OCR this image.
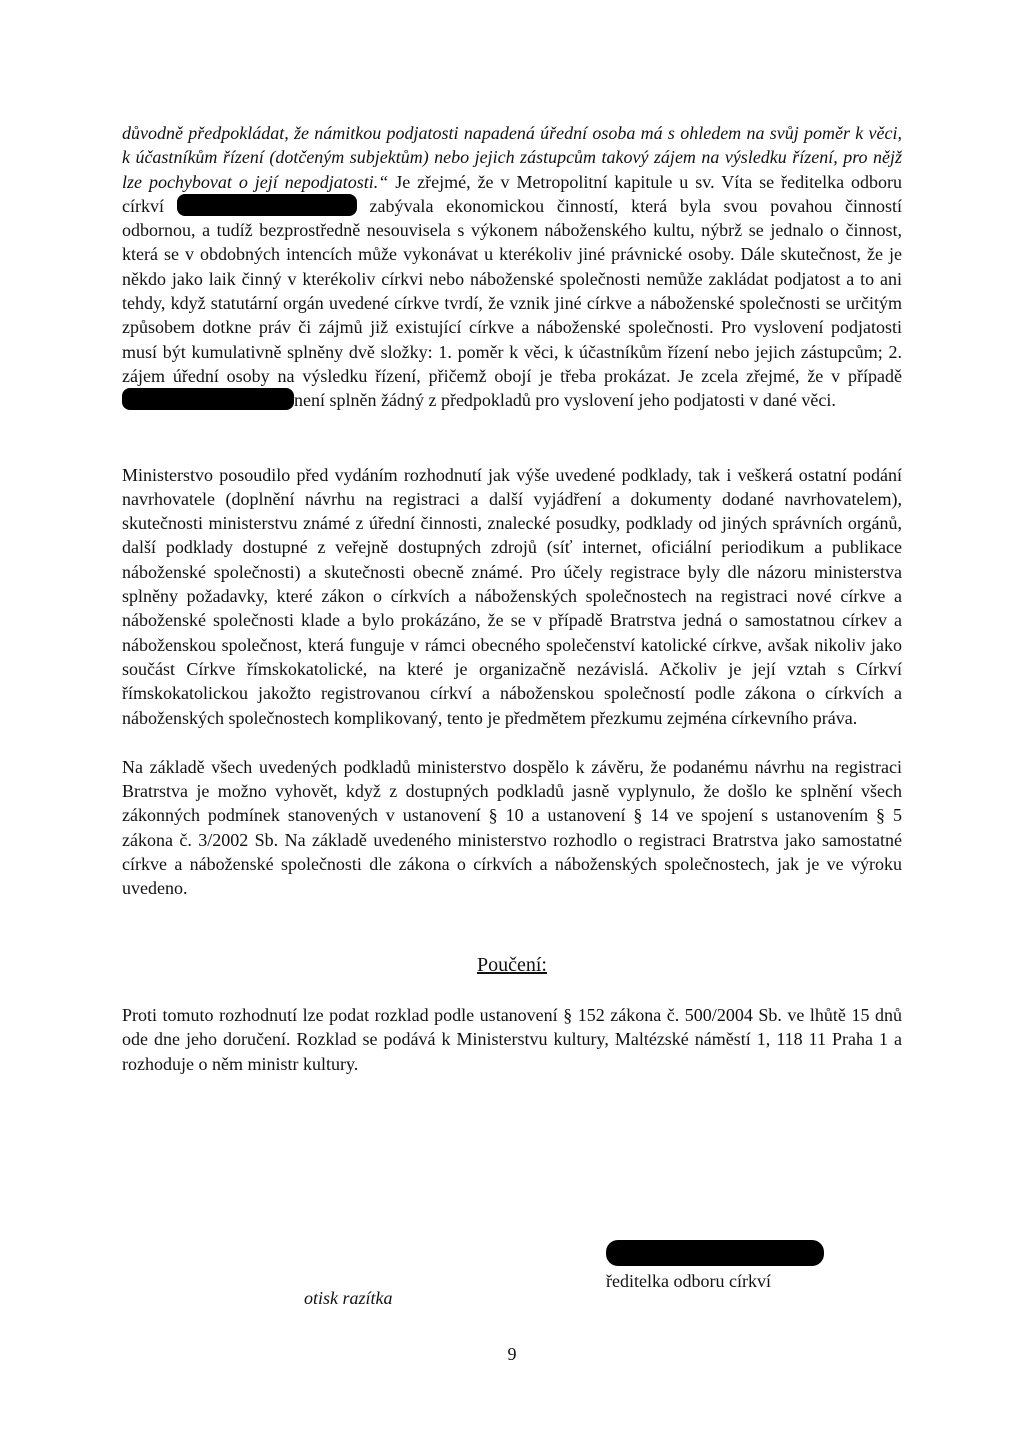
důvodně předpokládat, že námitkou podjatosti napadená úřední osoba má s ohledem na svůj poměr k věci, k účastníkům řízení (dotčeným subjektům) nebo jejich zástupcům takový zájem na výsledku řízení, pro nějž lze pochybovat o její nepodjatosti.“ Je zřejmé, že v Metropolitní kapitule u sv. Víta se ředitelka odboru církví	zabývala ekonomickou činností, která byla svou povahou činností odbornou, a tudíž bezprostředně nesouvisela s výkonem náboženského kultu, nýbrž se jednalo o činnost, která se v obdobných intencích může vykonávat u kterékoliv jiné právnické osoby. Dále skutečnost, že je někdo jako laik činný v kterékoliv církvi nebo náboženské společnosti nemůže zakládat podjatost a to ani tehdy, když statutární orgán uvedené církve tvrdí, že vznik jiné církve a náboženské společnosti se určitým způsobem dotkne práv či zájmů již existující církve a náboženské společnosti. Pro vyslovení podjatosti musí být kumulativně splněny dvě složky: 1. poměr k věci, k účastníkům řízení nebo jejich zástupcům; 2. zájem úřední osoby na výsledku řízení, přičemž obojí je třeba prokázat. Je zcela zřejmé, že v případě není splněn žádný z předpokladů pro vyslovení jeho podjatosti v dané věci.

Ministerstvo posoudilo před vydáním rozhodnutí jak výše uvedené podklady, tak i veškerá ostatní podání navrhovatele (doplnění návrhu na registraci a další vyjádření a dokumenty dodané navrhovatelem), skutečnosti ministerstvu známé z úřední činnosti, znalecké posudky, podklady od jiných správních orgánů, další podklady dostupné z veřejně dostupných zdrojů (síť internet, oficiální periodikum a publikace náboženské společnosti) a skutečnosti obecně známé. Pro účely registrace byly dle názoru ministerstva splněny požadavky, které zákon o církvích a náboženských společnostech na registraci nové církve a náboženské společnosti klade a bylo prokázáno, že se v případě Bratrstva jedná o samostatnou církev a náboženskou společnost, která funguje v rámci obecného společenství katolické církve, avšak nikoliv jako součást Církve římskokatolické, na které je organizačně nezávislá. Ačkoliv je její vztah s Církví římskokatolickou jakožto registrovanou církví a náboženskou společností podle zákona o církvích a náboženských společnostech komplikovaný, tento je předmětem přezkumu zejména církevního práva.

Na základě všech uvedených podkladů ministerstvo dospělo k závěru, že podanému návrhu na registraci Bratrstva je možno vyhovět, když z dostupných podkladů jasně vyplynulo, že došlo ke splnění všech zákonných podmínek stanovených v ustanovení § 10 a ustanovení § 14 ve spojení s ustanovením § 5 zákona č. 3/2002 Sb. Na základě uvedeného ministerstvo rozhodlo o registraci Bratrstva jako samostatné církve a náboženské společnosti dle zákona o církvích a náboženských společnostech, jak je ve výroku uvedeno.

Poučení:

Proti tomuto rozhodnutí lze podat rozklad podle ustanovení § 152 zákona č. 500/2004 Sb. ve lhůtě 15 dnů ode dne jeho doručení. Rozklad se podává k Ministerstvu kultury, Maltézské náměstí 1, 118 11 Praha 1 a rozhoduje o něm ministr kultury.

ředitelka odboru církví
otisk razítka
9
